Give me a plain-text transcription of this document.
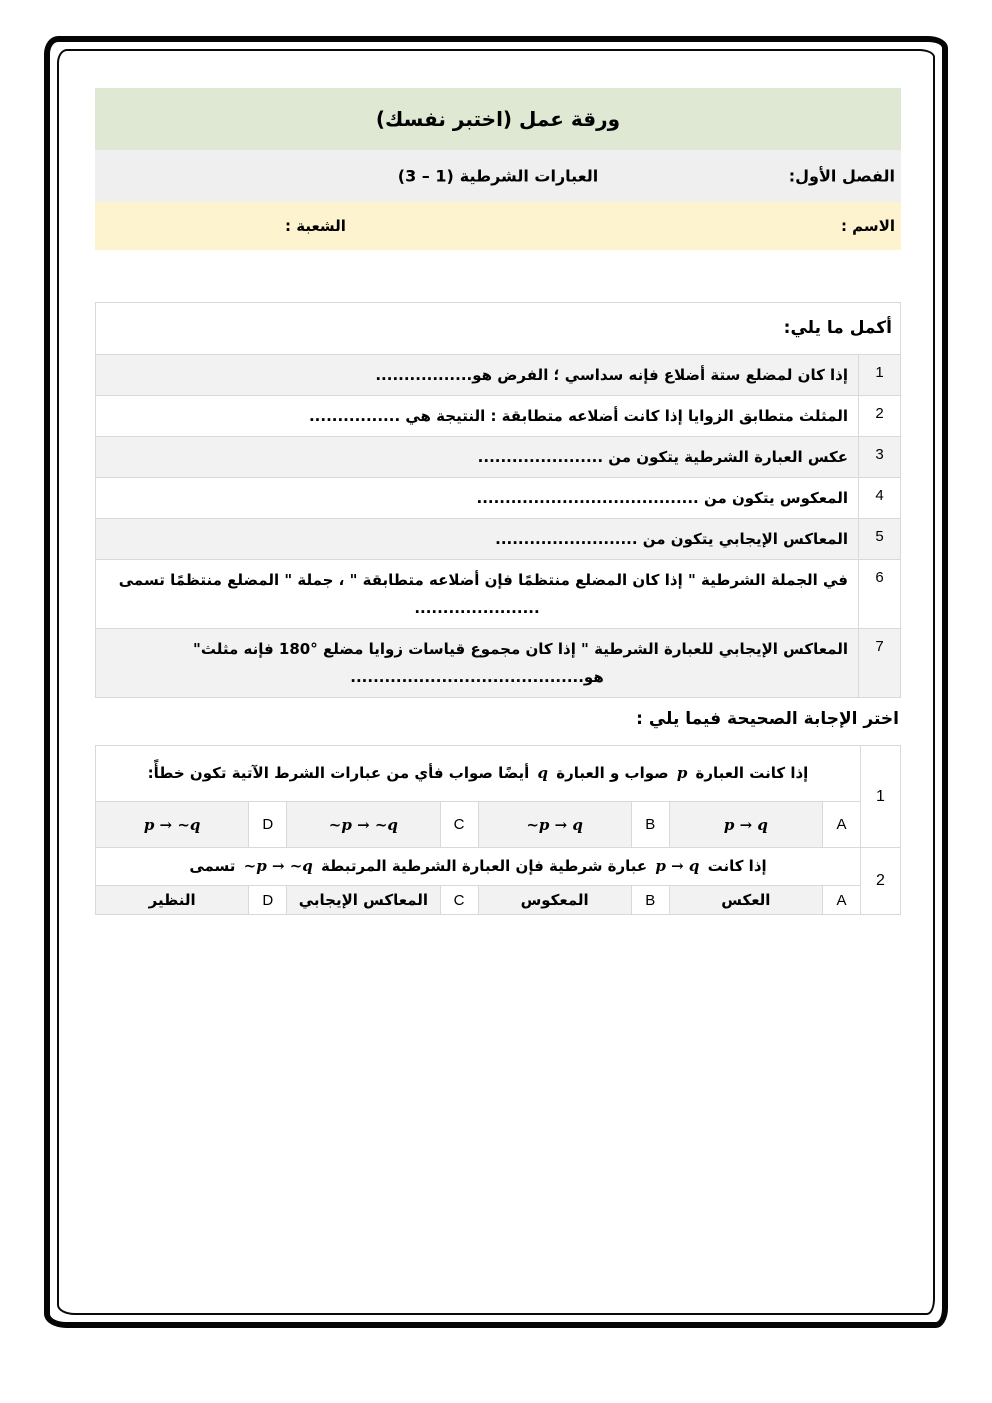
ورقة عمل (اختبر نفسك)
الفصل الأول:
العبارات الشرطية(3 – 1)
الاسم :
الشعبة :
أكمل ما يلي:	
1	إذا كان لمضلع ستة أضلاع فإنه سداسي ؛ الفرض هو.................
2	المثلث متطابق الزوايا إذا كانت أضلاعه متطابقة : النتيجة هي ................
3	عكس العبارة الشرطية يتكون من ......................
4	المعكوس يتكون من .......................................
5	المعاكس الإيجابي يتكون من .........................
6	في الجملة الشرطية " إذا كان المضلع منتظمًا فإن أضلاعه متطابقة " ، جملة " المضلع منتظمًا تسمى
......................

7	المعاكس الإيجابي للعبارة الشرطية " إذا كان مجموع قياسات زوايا مضلع °180 فإنه مثلث"
هو.........................................
اختر الإجابة الصحيحة فيما يلي :
1	إذا كانت العبارة p صواب و العبارة q أيضًا صواب فأي من عبارات الشرط الآتية تكون خطأً:							
	A	p → q	B	~p → q	C	~p → ~q	D	p → ~q
2	إذا كانت p → q عبارة شرطية فإن العبارة الشرطية المرتبطة ~p → ~q تسمى							
	A	العكس	B	المعكوس	C	المعاكس الإيجابي	D	النظير
